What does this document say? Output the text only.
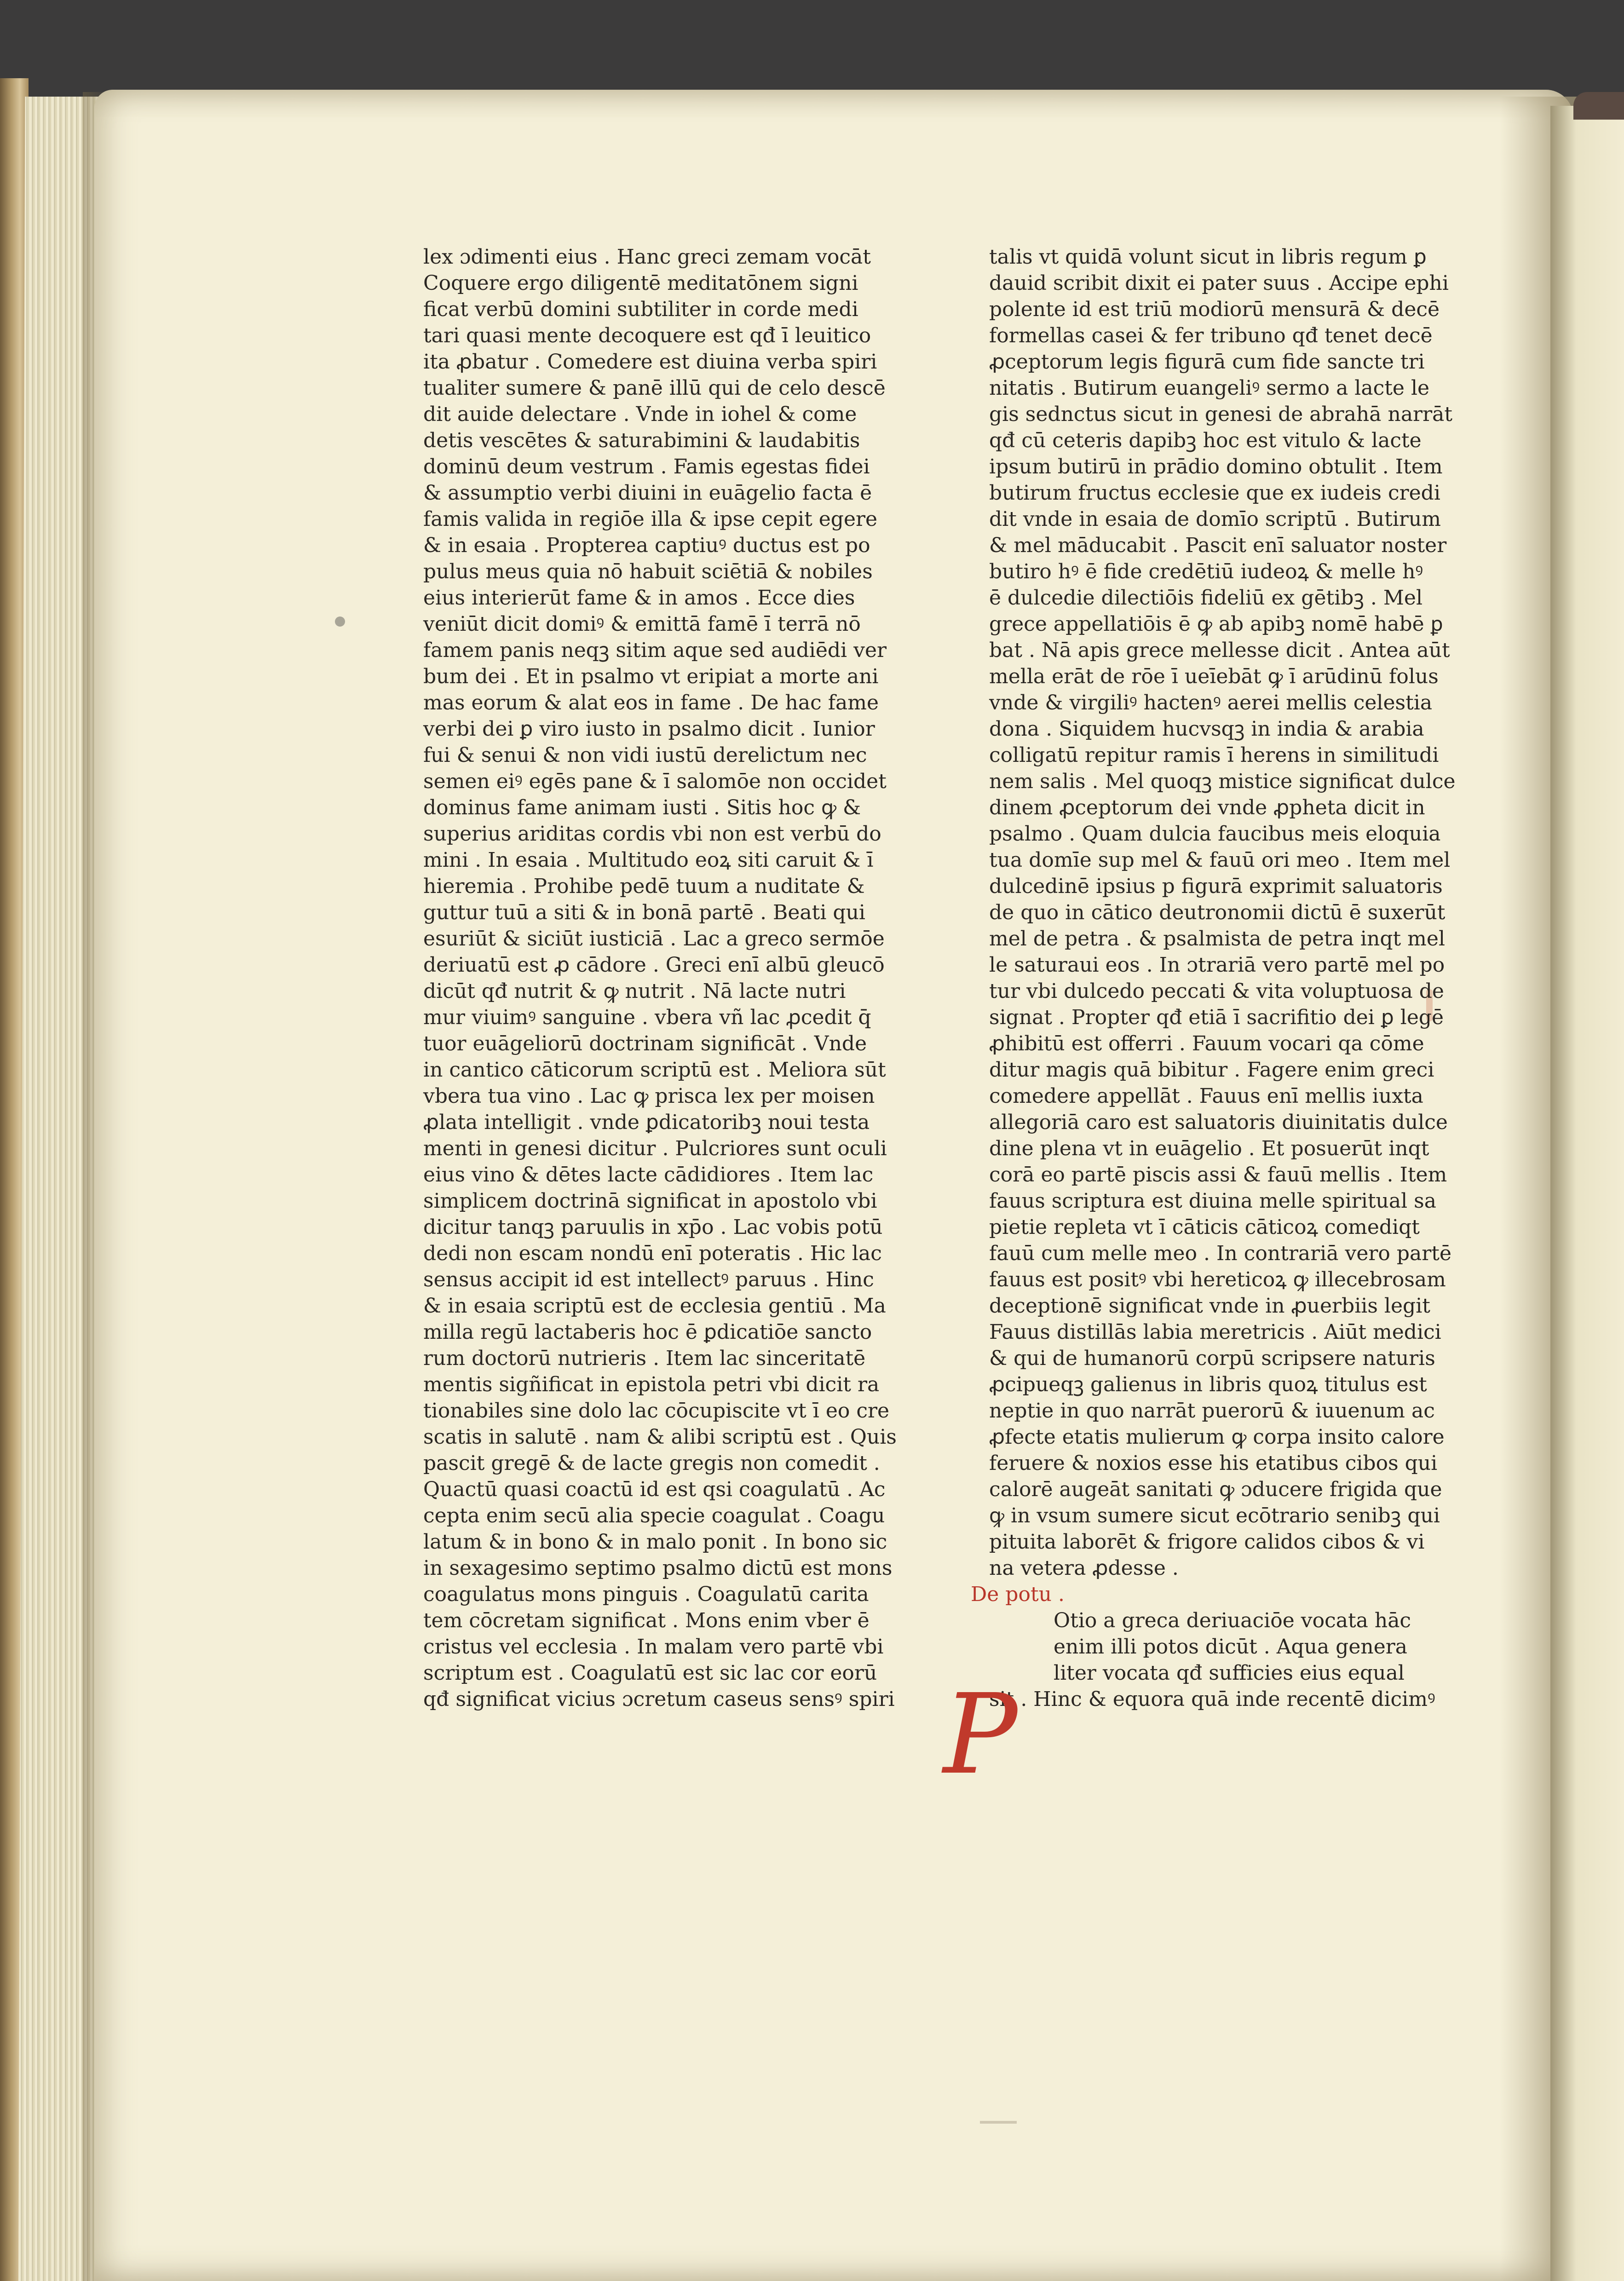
lex ɔdimenti eius . Hanc greci zemam vocāt
Coquere ergo diligentē meditatōnem signi
ficat verbū domini subtiliter in corde medi
tari quasi mente decoquere est qđ ī leuitico
ita ꝓbatur . Comedere est diuina verba spiri
tualiter sumere & panē illū qui de celo descē
dit auide delectare . Vnde in iohel & come
detis vescētes & saturabimini & laudabitis
dominū deum vestrum . Famis egestas fidei
& assumptio verbi diuini in euāgelio facta ē
famis valida in regiōe illa & ipse cepit egere
& in esaia . Propterea captiuꝰ ductus est po
pulus meus quia nō habuit sciētiā & nobiles
eius interierūt fame & in amos . Ecce dies
veniūt dicit domiꝰ & emittā famē ī terrā nō
famem panis neqꝫ sitim aque sed audiēdi ver
bum dei . Et in psalmo vt eripiat a morte ani
mas eorum & alat eos in fame . De hac fame
verbi dei ꝑ viro iusto in psalmo dicit . Iunior
fui & senui & non vidi iustū derelictum nec
semen eiꝰ egēs pane & ī salomōe non occidet
dominus fame animam iusti . Sitis hoc ꝙ &
superius ariditas cordis vbi non est verbū do
mini . In esaia . Multitudo eoꝝ siti caruit & ī
hieremia . Prohibe pedē tuum a nuditate &
guttur tuū a siti & in bonā partē . Beati qui
esuriūt & siciūt iusticiā . Lac a greco sermōe
deriuatū est ꝓ cādore . Greci enī albū gleucō
dicūt qđ nutrit & ꝙ nutrit . Nā lacte nutri
mur viuimꝰ sanguine . vbera vñ lac ꝓcedit q̄
tuor euāgeliorū doctrinam significāt . Vnde
in cantico cāticorum scriptū est . Meliora sūt
vbera tua vino . Lac ꝙ prisca lex per moisen
ꝓlata intelligit . vnde ꝑdicatoribꝫ noui testa
menti in genesi dicitur . Pulcriores sunt oculi
eius vino & dētes lacte cādidiores . Item lac
simplicem doctrinā significat in apostolo vbi
dicitur tanqꝫ paruulis in xp̄o . Lac vobis potū
dedi non escam nondū enī poteratis . Hic lac
sensus accipit id est intellectꝰ paruus . Hinc
& in esaia scriptū est de ecclesia gentiū . Ma
milla regū lactaberis hoc ē ꝑdicatiōe sancto
rum doctorū nutrieris . Item lac sinceritatē
mentis sigñificat in epistola petri vbi dicit ra
tionabiles sine dolo lac cōcupiscite vt ī eo cre
scatis in salutē . nam & alibi scriptū est . Quis
pascit gregē & de lacte gregis non comedit .
Quactū quasi coactū id est qsi coagulatū . Ac
cepta enim secū alia specie coagulat . Coagu
latum & in bono & in malo ponit . In bono sic
in sexagesimo septimo psalmo dictū est mons
coagulatus mons pinguis . Coagulatū carita
tem cōcretam significat . Mons enim vber ē
cristus vel ecclesia . In malam vero partē vbi
scriptum est . Coagulatū est sic lac cor eorū
qđ significat vicius ɔcretum caseus sensꝰ spiri
talis vt quidā volunt sicut in libris regum ꝑ
dauid scribit dixit ei pater suus . Accipe ephi
polente id est triū modiorū mensurā & decē
formellas casei & fer tribuno qđ tenet decē
ꝓceptorum legis figurā cum fide sancte tri
nitatis . Butirum euangeliꝰ sermo a lacte le
gis sednctus sicut in genesi de abrahā narrāt
qđ cū ceteris dapibꝫ hoc est vitulo & lacte
ipsum butirū in prādio domino obtulit . Item
butirum fructus ecclesie que ex iudeis credi
dit vnde in esaia de domīo scriptū . Butirum
& mel māducabit . Pascit enī saluator noster
butiro hꝰ ē fide credētiū iudeoꝝ & melle hꝰ
ē dulcedie dilectiōis fideliū ex gētibꝫ . Mel
grece appellatiōis ē ꝙ ab apibꝫ nomē habē ꝑ
bat . Nā apis grece mellesse dicit . Antea aūt
mella erāt de rōe ī ueīebāt ꝙ ī arūdinū folus
vnde & virgiliꝰ hactenꝰ aerei mellis celestia
dona . Siquidem hucvsqꝫ in india & arabia
colligatū repitur ramis ī herens in similitudi
nem salis . Mel quoqꝫ mistice significat dulce
dinem ꝓceptorum dei vnde ꝓpheta dicit in
psalmo . Quam dulcia faucibus meis eloquia
tua domīe sup mel & fauū ori meo . Item mel
dulcedinē ipsius p figurā exprimit saluatoris
de quo in cātico deutronomii dictū ē suxerūt
mel de petra . & psalmista de petra inqt mel
le saturaui eos . In ɔtrariā vero partē mel po
tur vbi dulcedo peccati & vita voluptuosa de
signat . Propter qđ etiā ī sacrifitio dei ꝑ legē
ꝓhibitū est offerri . Fauum vocari qa cōme
ditur magis quā bibitur . Fagere enim greci
comedere appellāt . Fauus enī mellis iuxta
allegoriā caro est saluatoris diuinitatis dulce
dine plena vt in euāgelio . Et posuerūt inqt
corā eo partē piscis assi & fauū mellis . Item
fauus scriptura est diuina melle spiritual sa
pietie repleta vt ī cāticis cāticoꝝ comediqt
fauū cum melle meo . In contrariā vero partē
fauus est positꝰ vbi hereticoꝝ ꝙ illecebrosam
deceptionē significat vnde in ꝓuerbiis legit
Fauus distillās labia meretricis . Aiūt medici
& qui de humanorū corpū scripsere naturis
ꝓcipueqꝫ galienus in libris quoꝝ titulus est
neptie in quo narrāt puerorū & iuuenum ac
ꝓfecte etatis mulierum ꝙ corpa insito calore
feruere & noxios esse his etatibus cibos qui
calorē augeāt sanitati ꝙ ɔducere frigida que
ꝙ in vsum sumere sicut ecōtrario senibꝫ qui
pituita laborēt & frigore calidos cibos & vi
na vetera ꝓdesse .
De potu .
Otio a greca deriuaciōe vocata hāc
enim illi potos dicūt . Aqua genera
liter vocata qđ sufficies eius equal
sit . Hinc & equora quā inde recentē dicimꝰ
P
